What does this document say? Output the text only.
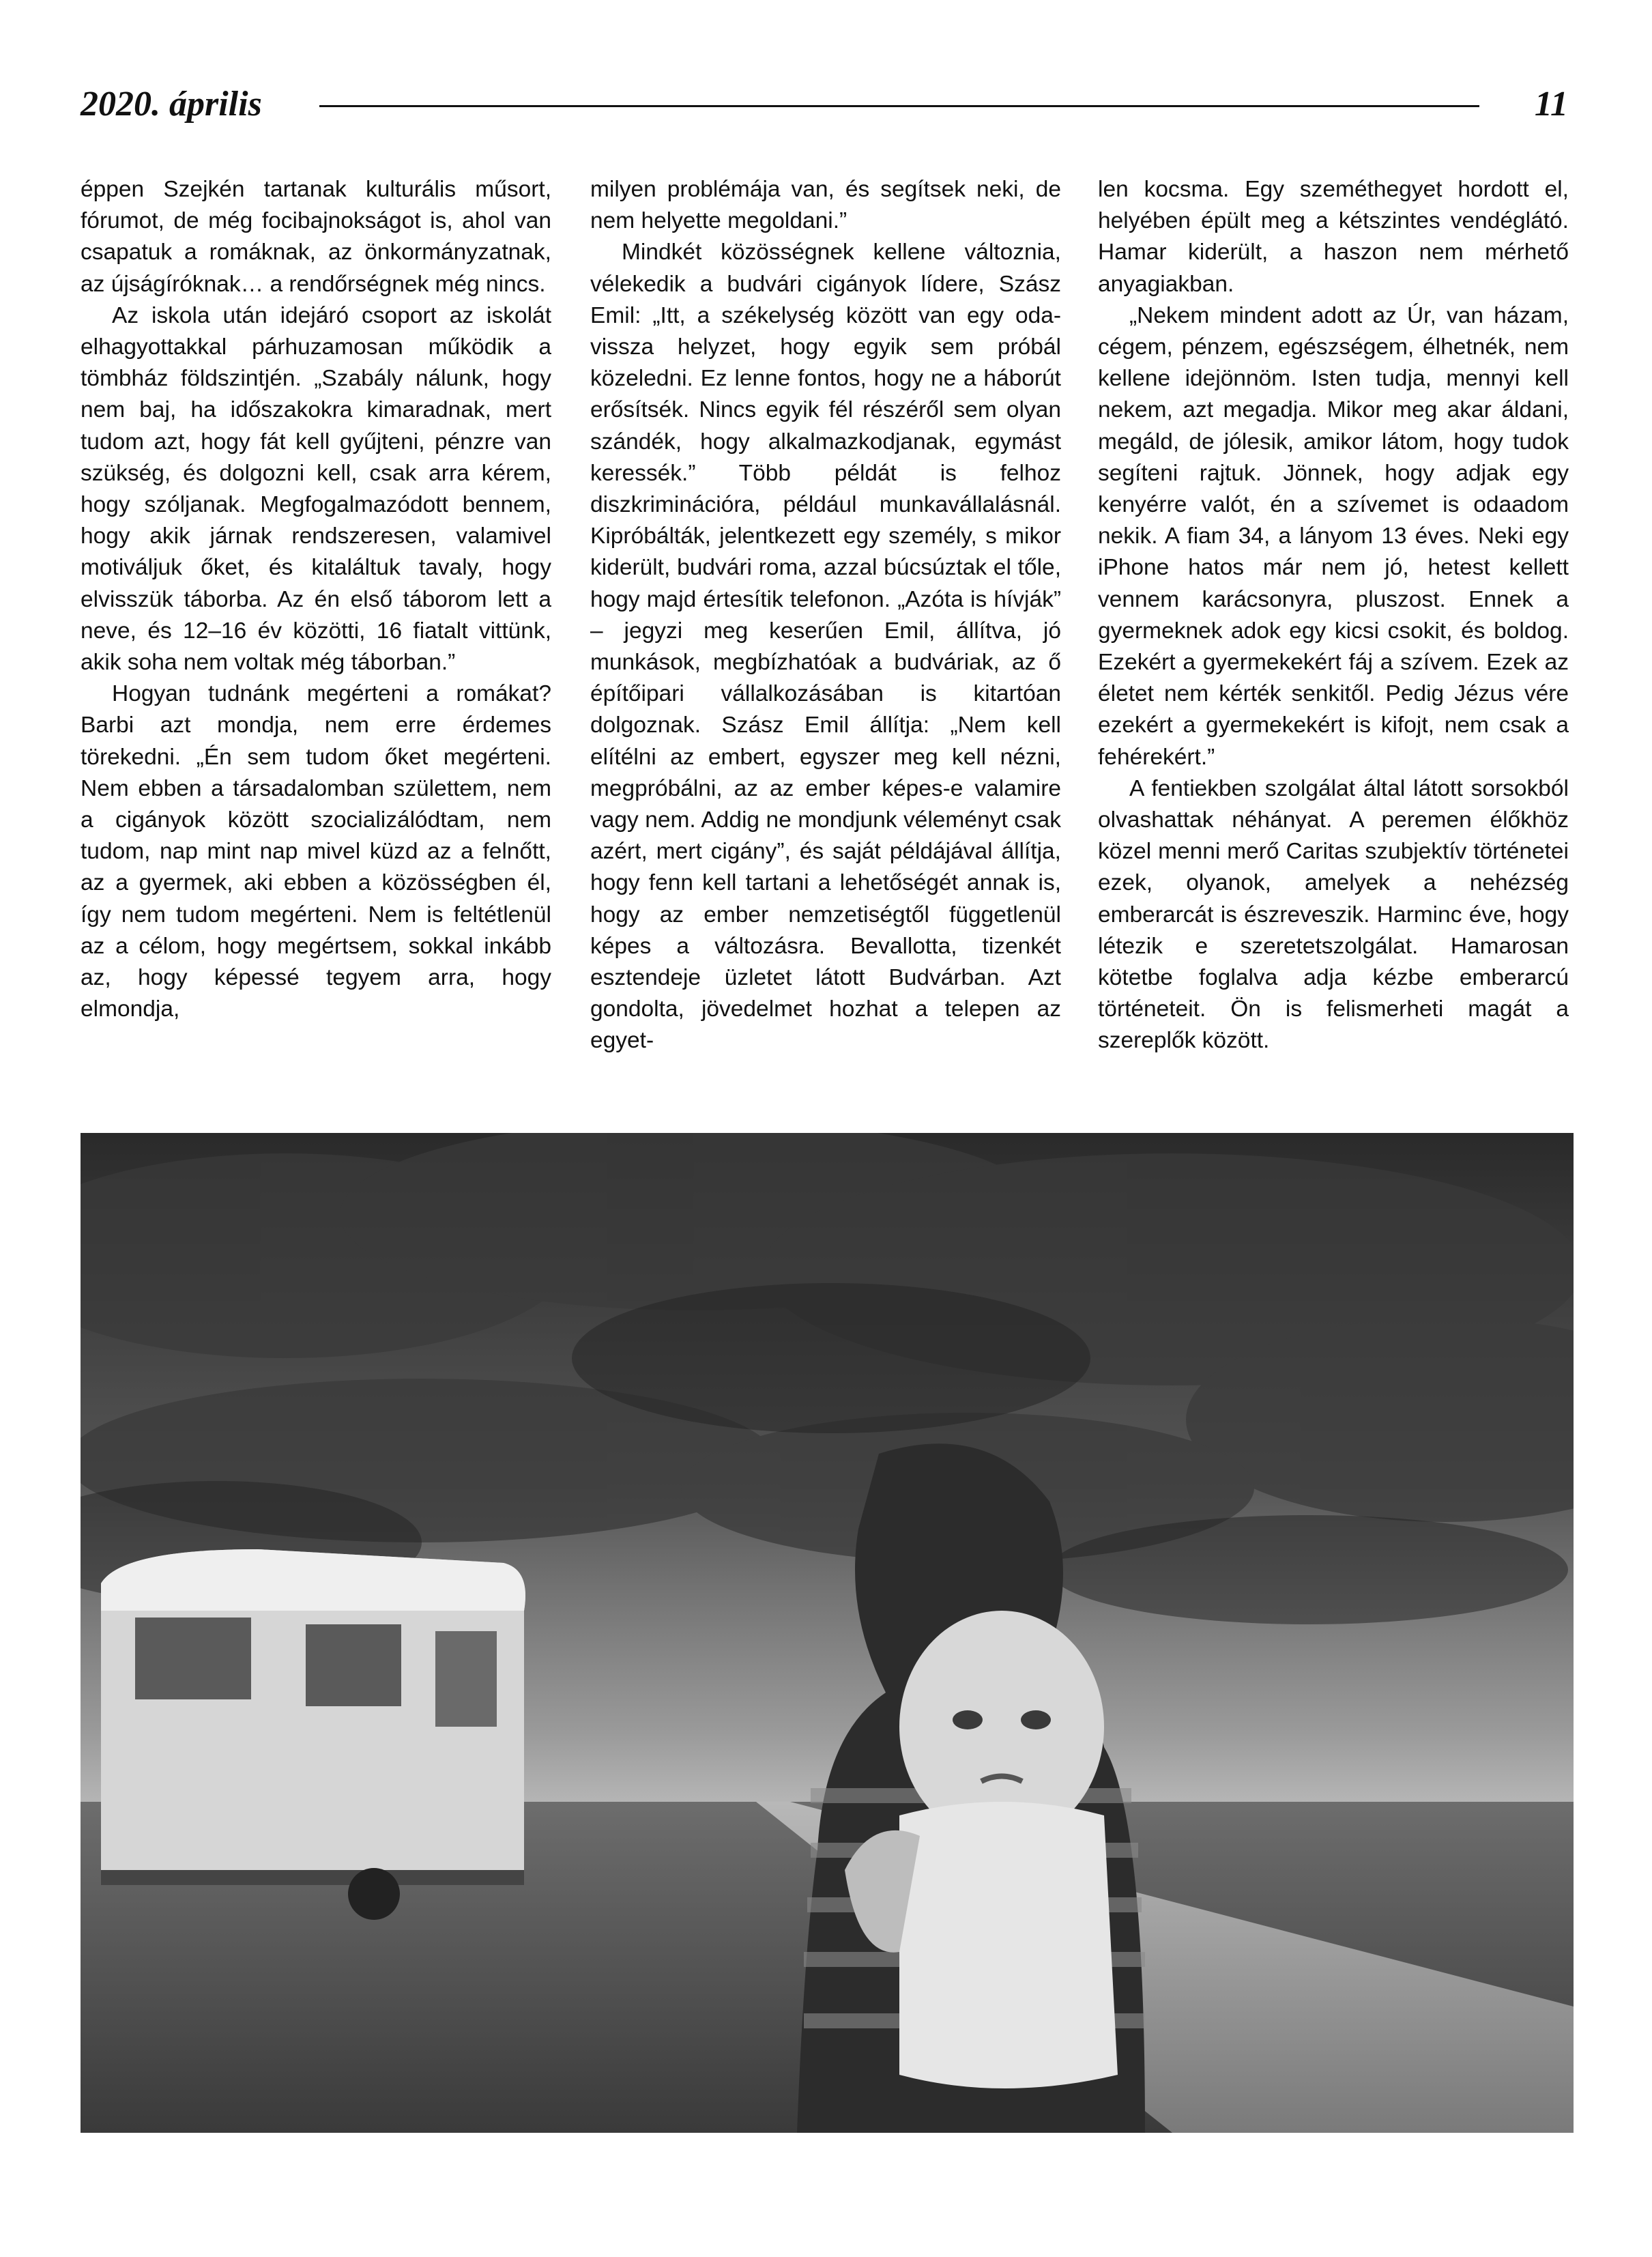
2020. április	11

éppen Szejkén tartanak kulturális műsort, fórumot, de még focibajnokságot is, ahol van csapatuk a romáknak, az önkormányzatnak, az újságíróknak… a rendőrségnek még nincs.

Az iskola után idejáró csoport az iskolát elhagyottakkal párhuzamosan működik a tömbház földszintjén. „Szabály nálunk, hogy nem baj, ha időszakokra kimaradnak, mert tudom azt, hogy fát kell gyűjteni, pénzre van szükség, és dolgozni kell, csak arra kérem, hogy szóljanak. Megfogalmazódott bennem, hogy akik járnak rendszeresen, valamivel motiváljuk őket, és kitaláltuk tavaly, hogy elvisszük táborba. Az én első táborom lett a neve, és 12–16 év közötti, 16 fiatalt vittünk, akik soha nem voltak még táborban.”

Hogyan tudnánk megérteni a romákat? Barbi azt mondja, nem erre érdemes törekedni. „Én sem tudom őket megérteni. Nem ebben a társadalomban születtem, nem a cigányok között szocializálódtam, nem tudom, nap mint nap mivel küzd az a felnőtt, az a gyermek, aki ebben a közösségben él, így nem tudom megérteni. Nem is feltétlenül az a célom, hogy megértsem, sokkal inkább az, hogy képessé tegyem arra, hogy elmondja,

milyen problémája van, és segítsek neki, de nem helyette megoldani.”

Mindkét közösségnek kellene változnia, vélekedik a budvári cigányok lídere, Szász Emil: „Itt, a székelység között van egy oda-vissza helyzet, hogy egyik sem próbál közeledni. Ez lenne fontos, hogy ne a háborút erősítsék. Nincs egyik fél részéről sem olyan szándék, hogy alkalmazkodjanak, egymást keressék.” Több példát is felhoz diszkriminációra, például munkavállalásnál. Kipróbálták, jelentkezett egy személy, s mikor kiderült, budvári roma, azzal búcsúztak el tőle, hogy majd értesítik telefonon. „Azóta is hívják” – jegyzi meg keserűen Emil, állítva, jó munkások, megbízhatóak a budváriak, az ő építőipari vállalkozásában is kitartóan dolgoznak. Szász Emil állítja: „Nem kell elítélni az embert, egyszer meg kell nézni, megpróbálni, az az ember képes-e valamire vagy nem. Addig ne mondjunk véleményt csak azért, mert cigány”, és saját példájával állítja, hogy fenn kell tartani a lehetőségét annak is, hogy az ember nemzetiségtől függetlenül képes a változásra. Bevallotta, tizenkét esztendeje üzletet látott Budvárban. Azt gondolta, jövedelmet hozhat a telepen az egyet-

len kocsma. Egy szeméthegyet hordott el, helyében épült meg a kétszintes vendéglátó. Hamar kiderült, a haszon nem mérhető anyagiakban.

„Nekem mindent adott az Úr, van házam, cégem, pénzem, egészségem, élhetnék, nem kellene idejönnöm. Isten tudja, mennyi kell nekem, azt megadja. Mikor meg akar áldani, megáld, de jólesik, amikor látom, hogy tudok segíteni rajtuk. Jönnek, hogy adjak egy kenyérre valót, én a szívemet is odaadom nekik. A fiam 34, a lányom 13 éves. Neki egy iPhone hatos már nem jó, hetest kellett vennem karácsonyra, pluszost. Ennek a gyermeknek adok egy kicsi csokit, és boldog. Ezekért a gyermekekért fáj a szívem. Ezek az életet nem kérték senkitől. Pedig Jézus vére ezekért a gyermekekért is kifojt, nem csak a fehérekért.”

A fentiekben szolgálat által látott sorsokból olvashattak néhányat. A peremen élőkhöz közel menni merő Caritas szubjektív történetei ezek, olyanok, amelyek a nehézség emberarcát is észreveszik. Harminc éve, hogy létezik e szeretetszolgálat. Hamarosan kötetbe foglalva adja kézbe emberarcú történeteit. Ön is felismerheti magát a szereplők között.
